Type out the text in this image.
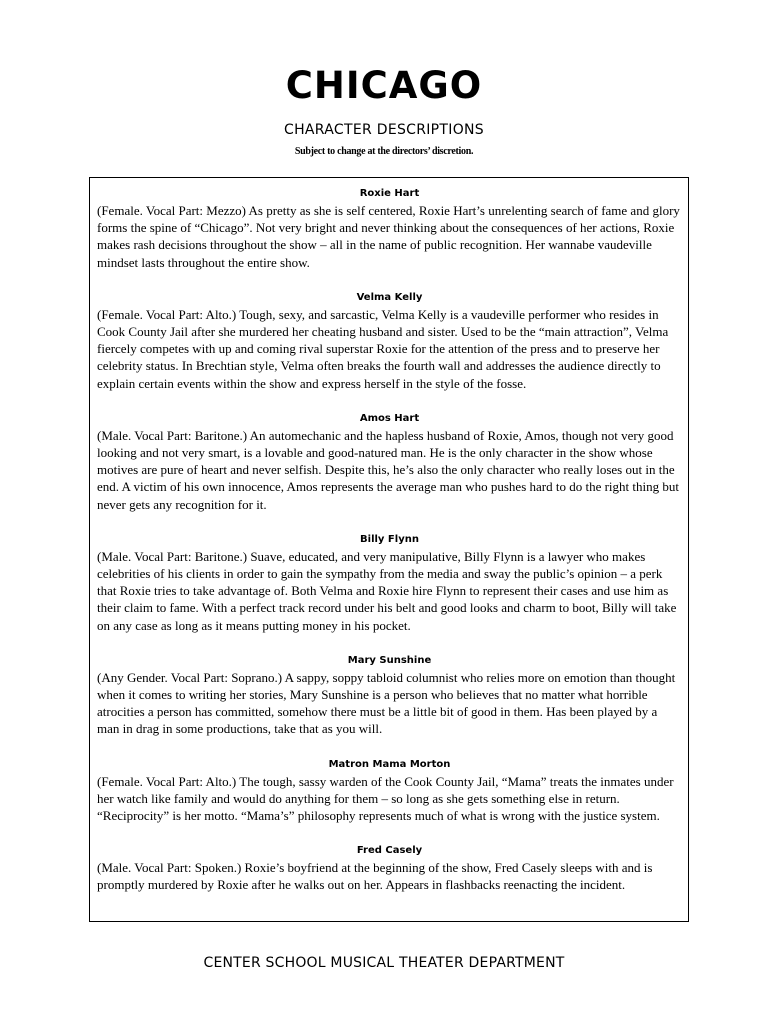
CHICAGO
CHARACTER DESCRIPTIONS
Subject to change at the directors’ discretion.
Roxie Hart

(Female. Vocal Part: Mezzo) As pretty as she is self centered, Roxie Hart’s unrelenting search of fame and glory forms the spine of “Chicago”. Not very bright and never thinking about the consequences of her actions, Roxie makes rash decisions throughout the show – all in the name of public recognition. Her wannabe vaudeville mindset lasts throughout the entire show.

Velma Kelly

(Female. Vocal Part: Alto.) Tough, sexy, and sarcastic, Velma Kelly is a vaudeville performer who resides in Cook County Jail after she murdered her cheating husband and sister. Used to be the “main attraction”, Velma fiercely competes with up and coming rival superstar Roxie for the attention of the press and to preserve her celebrity status. In Brechtian style, Velma often breaks the fourth wall and addresses the audience directly to explain certain events within the show and express herself in the style of the fosse.

Amos Hart

(Male. Vocal Part: Baritone.) An automechanic and the hapless husband of Roxie, Amos, though not very good looking and not very smart, is a lovable and good-natured man. He is the only character in the show whose motives are pure of heart and never selfish. Despite this, he’s also the only character who really loses out in the end. A victim of his own innocence, Amos represents the average man who pushes hard to do the right thing but never gets any recognition for it.

Billy Flynn

(Male. Vocal Part: Baritone.) Suave, educated, and very manipulative, Billy Flynn is a lawyer who makes celebrities of his clients in order to gain the sympathy from the media and sway the public’s opinion – a perk that Roxie tries to take advantage of. Both Velma and Roxie hire Flynn to represent their cases and use him as their claim to fame. With a perfect track record under his belt and good looks and charm to boot, Billy will take on any case as long as it means putting money in his pocket.

Mary Sunshine

(Any Gender. Vocal Part: Soprano.) A sappy, soppy tabloid columnist who relies more on emotion than thought when it comes to writing her stories, Mary Sunshine is a person who believes that no matter what horrible atrocities a person has committed, somehow there must be a little bit of good in them. Has been played by a man in drag in some productions, take that as you will.

Matron Mama Morton

(Female. Vocal Part: Alto.) The tough, sassy warden of the Cook County Jail, “Mama” treats the inmates under her watch like family and would do anything for them – so long as she gets something else in return. “Reciprocity” is her motto. “Mama’s” philosophy represents much of what is wrong with the justice system.

Fred Casely

(Male. Vocal Part: Spoken.) Roxie’s boyfriend at the beginning of the show, Fred Casely sleeps with and is promptly murdered by Roxie after he walks out on her. Appears in flashbacks reenacting the incident.

CENTER SCHOOL MUSICAL THEATER DEPARTMENT
